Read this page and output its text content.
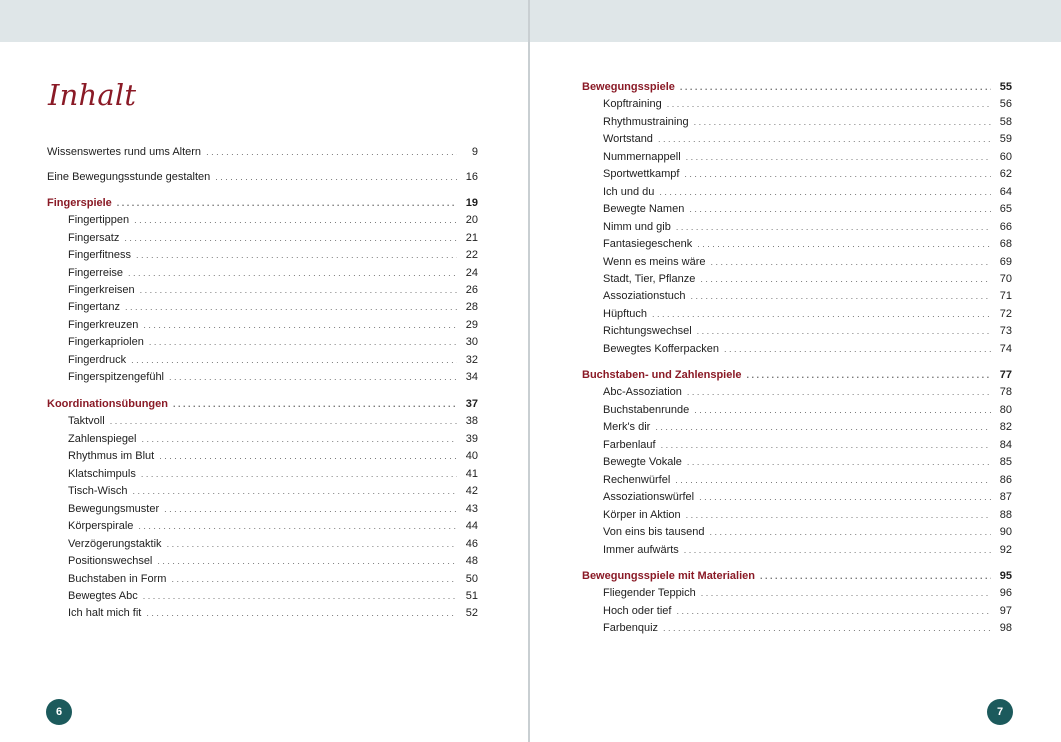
Inhalt
Wissenswertes rund ums Altern . . .	9
Eine Bewegungsstunde gestalten . . .	16
Fingerspiele . . .	19
Fingertippen . . .	20
Fingersatz . . .	21
Fingerfitness . . .	22
Fingerreise . . .	24
Fingerkreisen . . .	26
Fingertanz . . .	28
Fingerkreuzen . . .	29
Fingerkapriolen . . .	30
Fingerdruck . . .	32
Fingerspitzengefühl . . .	34
Koordinationsübungen . . .	37
Taktvoll . . .	38
Zahlenspiegel . . .	39
Rhythmus im Blut . . .	40
Klatschimpuls . . .	41
Tisch-Wisch . . .	42
Bewegungsmuster . . .	43
Körperspirale . . .	44
Verzögerungstaktik . . .	46
Positionswechsel . . .	48
Buchstaben in Form . . .	50
Bewegtes Abc . . .	51
Ich halt mich fit . . .	52
6	7
Bewegungsspiele . . .	55
Kopftraining . . .	56
Rhythmustraining . . .	58
Wortstand . . .	59
Nummernappell . . .	60
Sportwettkampf . . .	62
Ich und du . . .	64
Bewegte Namen . . .	65
Nimm und gib . . .	66
Fantasiegeschenk . . .	68
Wenn es meins wäre . . .	69
Stadt, Tier, Pflanze . . .	70
Assoziationstuch . . .	71
Hüpftuch . . .	72
Richtungswechsel . . .	73
Bewegtes Kofferpacken . . .	74
Buchstaben- und Zahlenspiele . . .	77
Abc-Assoziation . . .	78
Buchstabenrunde . . .	80
Merk's dir . . .	82
Farbenlauf . . .	84
Bewegte Vokale . . .	85
Rechenwürfel . . .	86
Assoziationswürfel . . .	87
Körper in Aktion . . .	88
Von eins bis tausend . . .	90
Immer aufwärts . . .	92
Bewegungsspiele mit Materialien . . .	95
Fliegender Teppich . . .	96
Hoch oder tief . . .	97
Farbenquiz . . .	98
